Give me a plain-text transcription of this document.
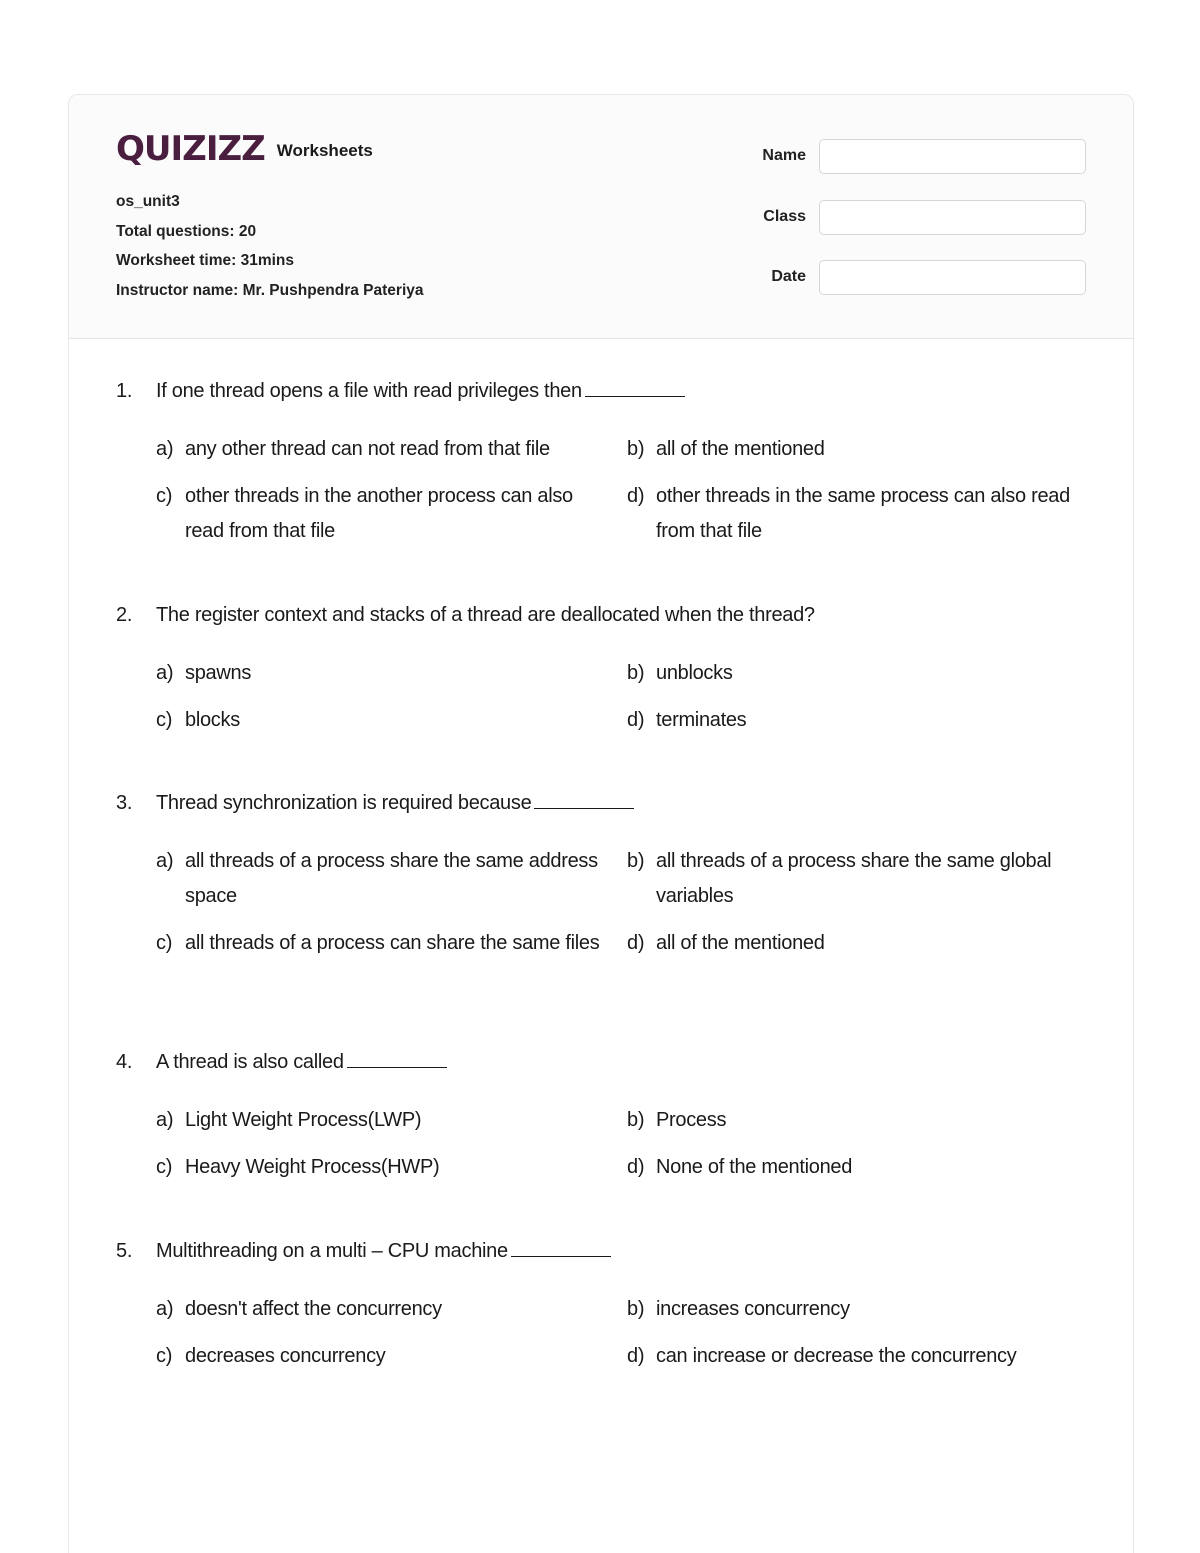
QUIZIZZ Worksheets
os_unit3
Total questions: 20
Worksheet time: 31mins
Instructor name: Mr. Pushpendra Pateriya
Name
Class
Date
1.	If one thread opens a file with read privileges then
a) any other thread can not read from that file	b) all of the mentioned
c) other threads in the another process can also read from that file
d) other threads in the same process can also read from that file
2.	The register context and stacks of a thread are deallocated when the thread?
a) spawns	b) unblocks
c) blocks	d) terminates
3.	Thread synchronization is required because
a) all threads of a process share the same address space
b) all threads of a process share the same global variables
c) all threads of a process can share the same files	d) all of the mentioned
4.	A thread is also called
a) Light Weight Process(LWP)	b) Process
c) Heavy Weight Process(HWP)	d) None of the mentioned
5.	Multithreading on a multi – CPU machine
a) doesn't affect the concurrency	b) increases concurrency
c) decreases concurrency	d) can increase or decrease the concurrency
